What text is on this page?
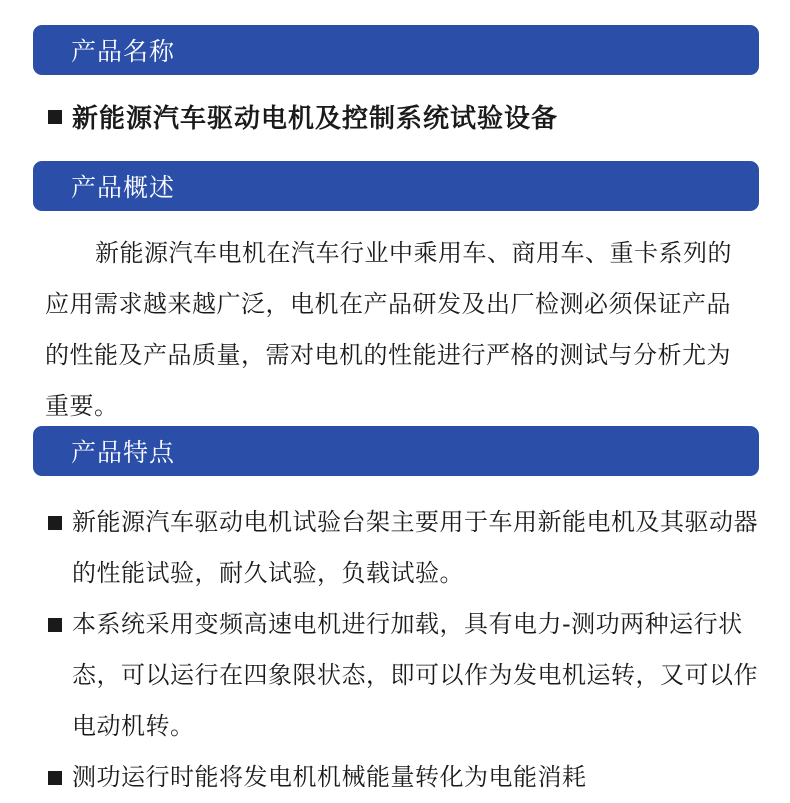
产品名称
新能源汽车驱动电机及控制系统试验设备
产品概述

新能源汽车电机在汽车行业中乘用车、商用车、重卡系列的应用需求越来越广泛，电机在产品研发及出厂检测必须保证产品的性能及产品质量，需对电机的性能进行严格的测试与分析尤为重要。

产品特点
新能源汽车驱动电机试验台架主要用于车用新能电机及其驱动器的性能试验，耐久试验，负载试验。
本系统采用变频高速电机进行加载，具有电力-测功两种运行状态，可以运行在四象限状态，即可以作为发电机运转，又可以作电动机转。
测功运行时能将发电机机械能量转化为电能消耗
